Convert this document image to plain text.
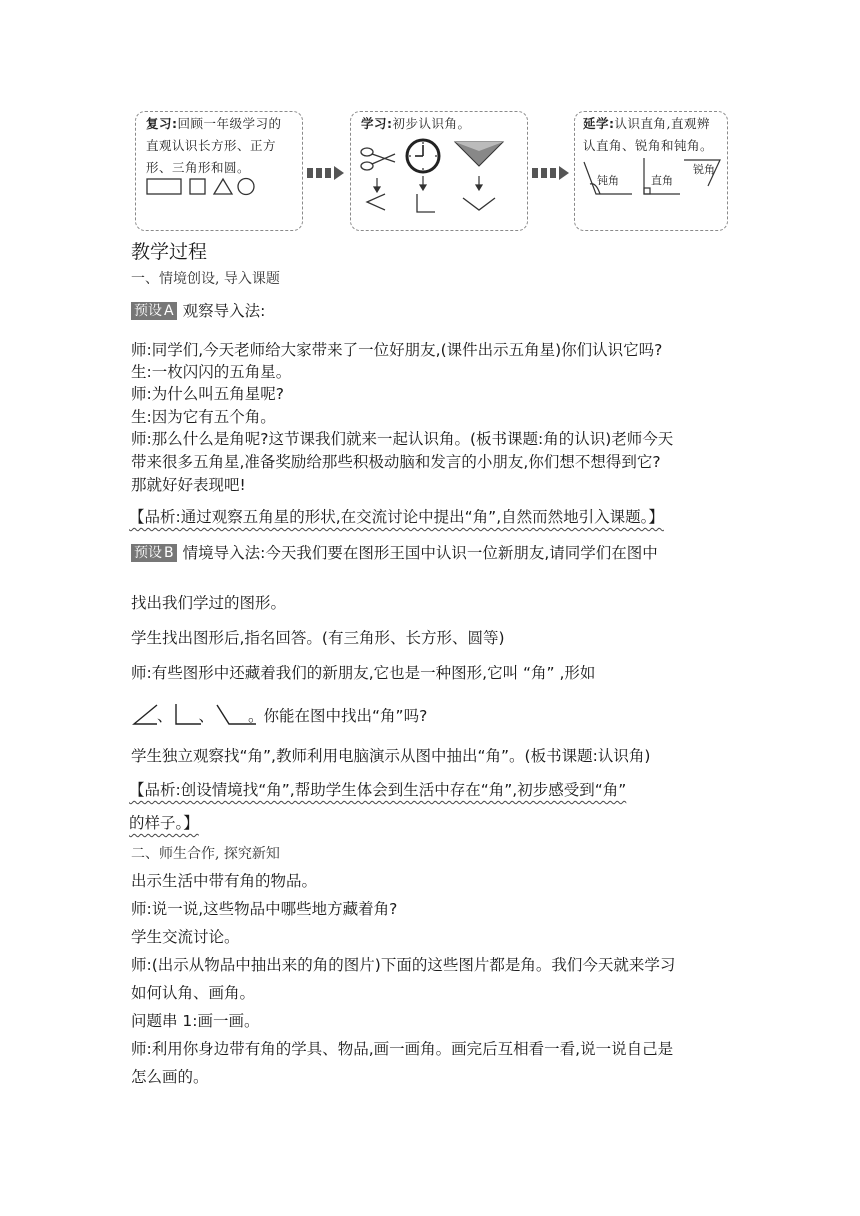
复习:回顾一年级学习的
直观认识长方形、正方
形、三角形和圆。
学习:初步认识角。	延学:认识直角,直观辨
认直角、锐角和钝角。
钝角	直角
锐角
教学过程
一、情境创设, 导入课题
预设 A 观察导入法:
师:同学们,今天老师给大家带来了一位好朋友,(课件出示五角星)你们认识它吗?
生:一枚闪闪的五角星。
师:为什么叫五角星呢?
生:因为它有五个角。
师:那么什么是角呢?这节课我们就来一起认识角。(板书课题:角的认识)老师今天
带来很多五角星,准备奖励给那些积极动脑和发言的小朋友,你们想不想得到它?
那就好好表现吧!
【品析:通过观察五角星的形状,在交流讨论中提出“角”,自然而然地引入课题。】
预设 B 情境导入法:今天我们要在图形王国中认识一位新朋友,请同学们在图中
找出我们学过的图形。
学生找出图形后,指名回答。(有三角形、长方形、圆等)
师:有些图形中还藏着我们的新朋友,它也是一种图形,它叫 “角” ,形如
、 、 。你能在图中找出“角”吗?
学生独立观察找“角”,教师利用电脑演示从图中抽出“角”。(板书课题:认识角)
【品析:创设情境找“角”,帮助学生体会到生活中存在“角”,初步感受到“角”
的样子。】
二、师生合作, 探究新知
出示生活中带有角的物品。
师:说一说,这些物品中哪些地方藏着角?
学生交流讨论。
师:(出示从物品中抽出来的角的图片)下面的这些图片都是角。我们今天就来学习
如何认角、画角。
问题串 1:画一画。
师:利用你身边带有角的学具、物品,画一画角。画完后互相看一看,说一说自己是
怎么画的。
